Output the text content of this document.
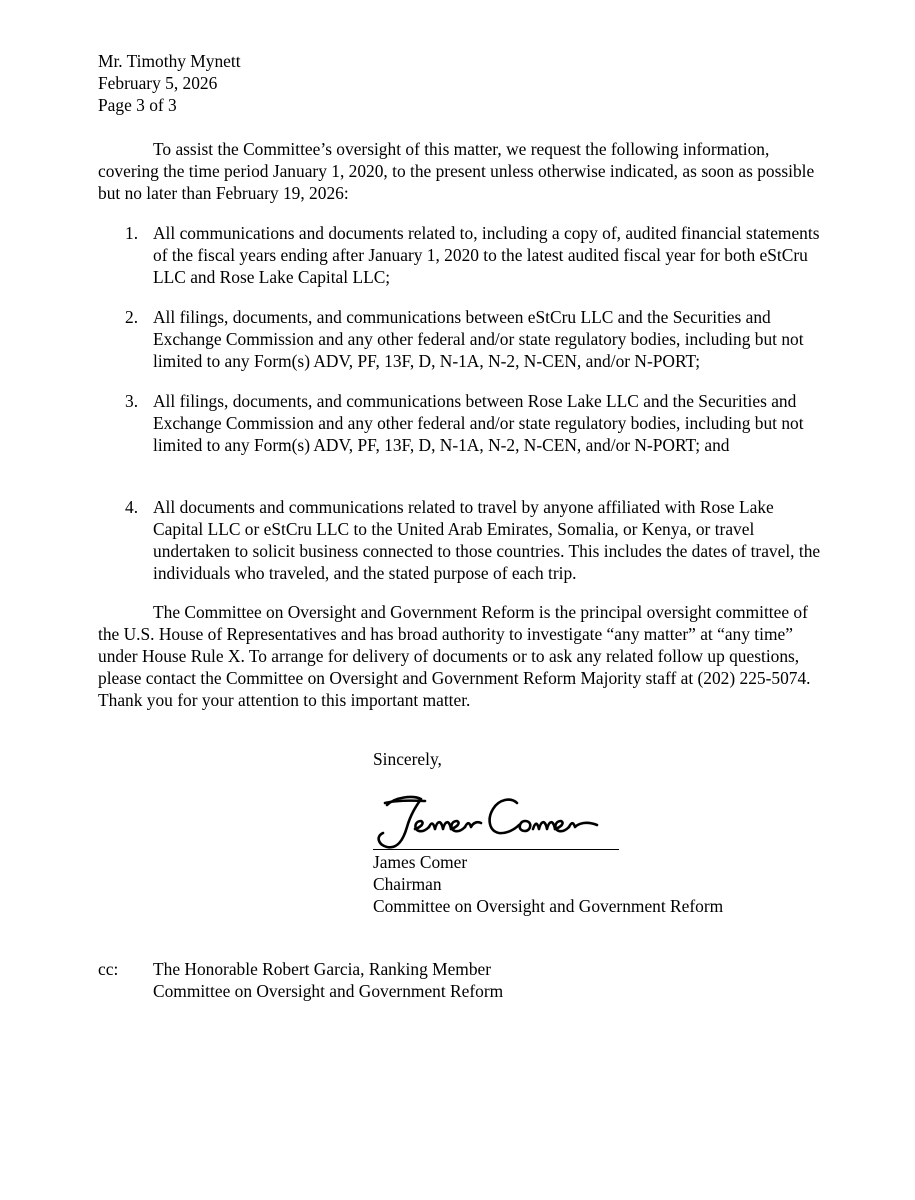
Mr. Timothy Mynett
February 5, 2026
Page 3 of 3

To assist the Committee’s oversight of this matter, we request the following information, covering the time period January 1, 2020, to the present unless otherwise indicated, as soon as possible but no later than February 19, 2026:

1. All communications and documents related to, including a copy of, audited financial statements of the fiscal years ending after January 1, 2020 to the latest audited fiscal year for both eStCru LLC and Rose Lake Capital LLC;

2. All filings, documents, and communications between eStCru LLC and the Securities and Exchange Commission and any other federal and/or state regulatory bodies, including but not limited to any Form(s) ADV, PF, 13F, D, N-1A, N-2, N-CEN, and/or N-PORT;

3. All filings, documents, and communications between Rose Lake LLC and the Securities and Exchange Commission and any other federal and/or state regulatory bodies, including but not limited to any Form(s) ADV, PF, 13F, D, N-1A, N-2, N-CEN, and/or N-PORT; and

4. All documents and communications related to travel by anyone affiliated with Rose Lake Capital LLC or eStCru LLC to the United Arab Emirates, Somalia, or Kenya, or travel undertaken to solicit business connected to those countries. This includes the dates of travel, the individuals who traveled, and the stated purpose of each trip.

The Committee on Oversight and Government Reform is the principal oversight committee of the U.S. House of Representatives and has broad authority to investigate “any matter” at “any time” under House Rule X. To arrange for delivery of documents or to ask any related follow up questions, please contact the Committee on Oversight and Government Reform Majority staff at (202) 225-5074. Thank you for your attention to this important matter.

Sincerely,
James Comer
Chairman
Committee on Oversight and Government Reform
cc: The Honorable Robert Garcia, Ranking Member
Committee on Oversight and Government Reform
